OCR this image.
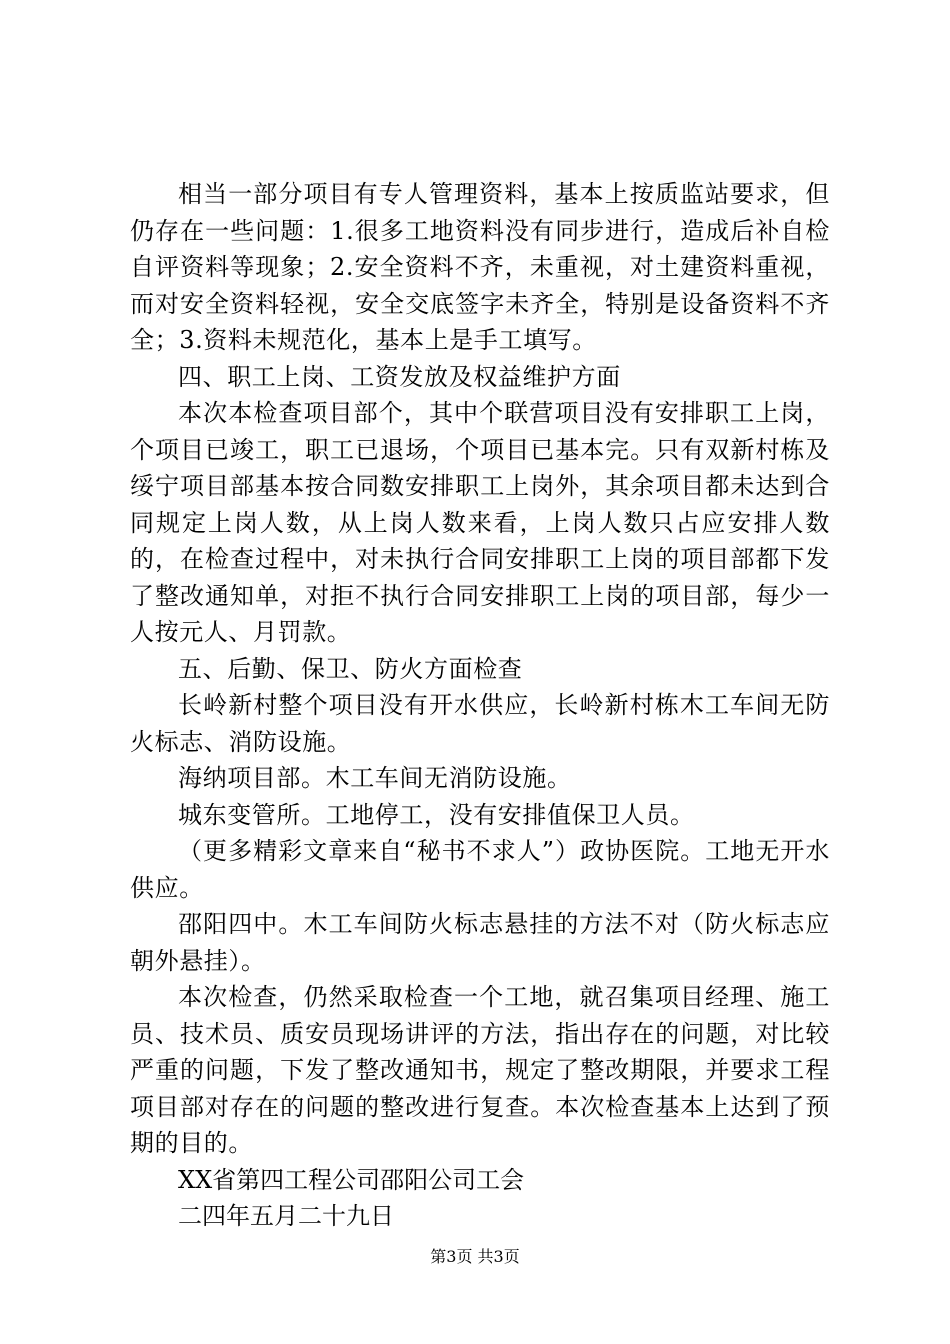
相当一部分项目有专人管理资料，基本上按质监站要求，但仍存在一些问题：1.很多工地资料没有同步进行，造成后补自检自评资料等现象；2.安全资料不齐，未重视，对土建资料重视，而对安全资料轻视，安全交底签字未齐全，特别是设备资料不齐全；3.资料未规范化，基本上是手工填写。

四、职工上岗、工资发放及权益维护方面

本次本检查项目部个，其中个联营项目没有安排职工上岗，个项目已竣工，职工已退场，个项目已基本完。只有双新村栋及绥宁项目部基本按合同数安排职工上岗外，其余项目都未达到合同规定上岗人数，从上岗人数来看，上岗人数只占应安排人数的，在检查过程中，对未执行合同安排职工上岗的项目部都下发了整改通知单，对拒不执行合同安排职工上岗的项目部，每少一人按元人、月罚款。

五、后勤、保卫、防火方面检查

长岭新村整个项目没有开水供应，长岭新村栋木工车间无防火标志、消防设施。

海纳项目部。木工车间无消防设施。

城东变管所。工地停工，没有安排值保卫人员。

（更多精彩文章来自“秘书不求人”）政协医院。工地无开水供应。

邵阳四中。木工车间防火标志悬挂的方法不对（防火标志应朝外悬挂）。

本次检查，仍然采取检查一个工地，就召集项目经理、施工员、技术员、质安员现场讲评的方法，指出存在的问题，对比较严重的问题，下发了整改通知书，规定了整改期限，并要求工程项目部对存在的问题的整改进行复查。本次检查基本上达到了预期的目的。

XX省第四工程公司邵阳公司工会

二四年五月二十九日

第3页 共3页
